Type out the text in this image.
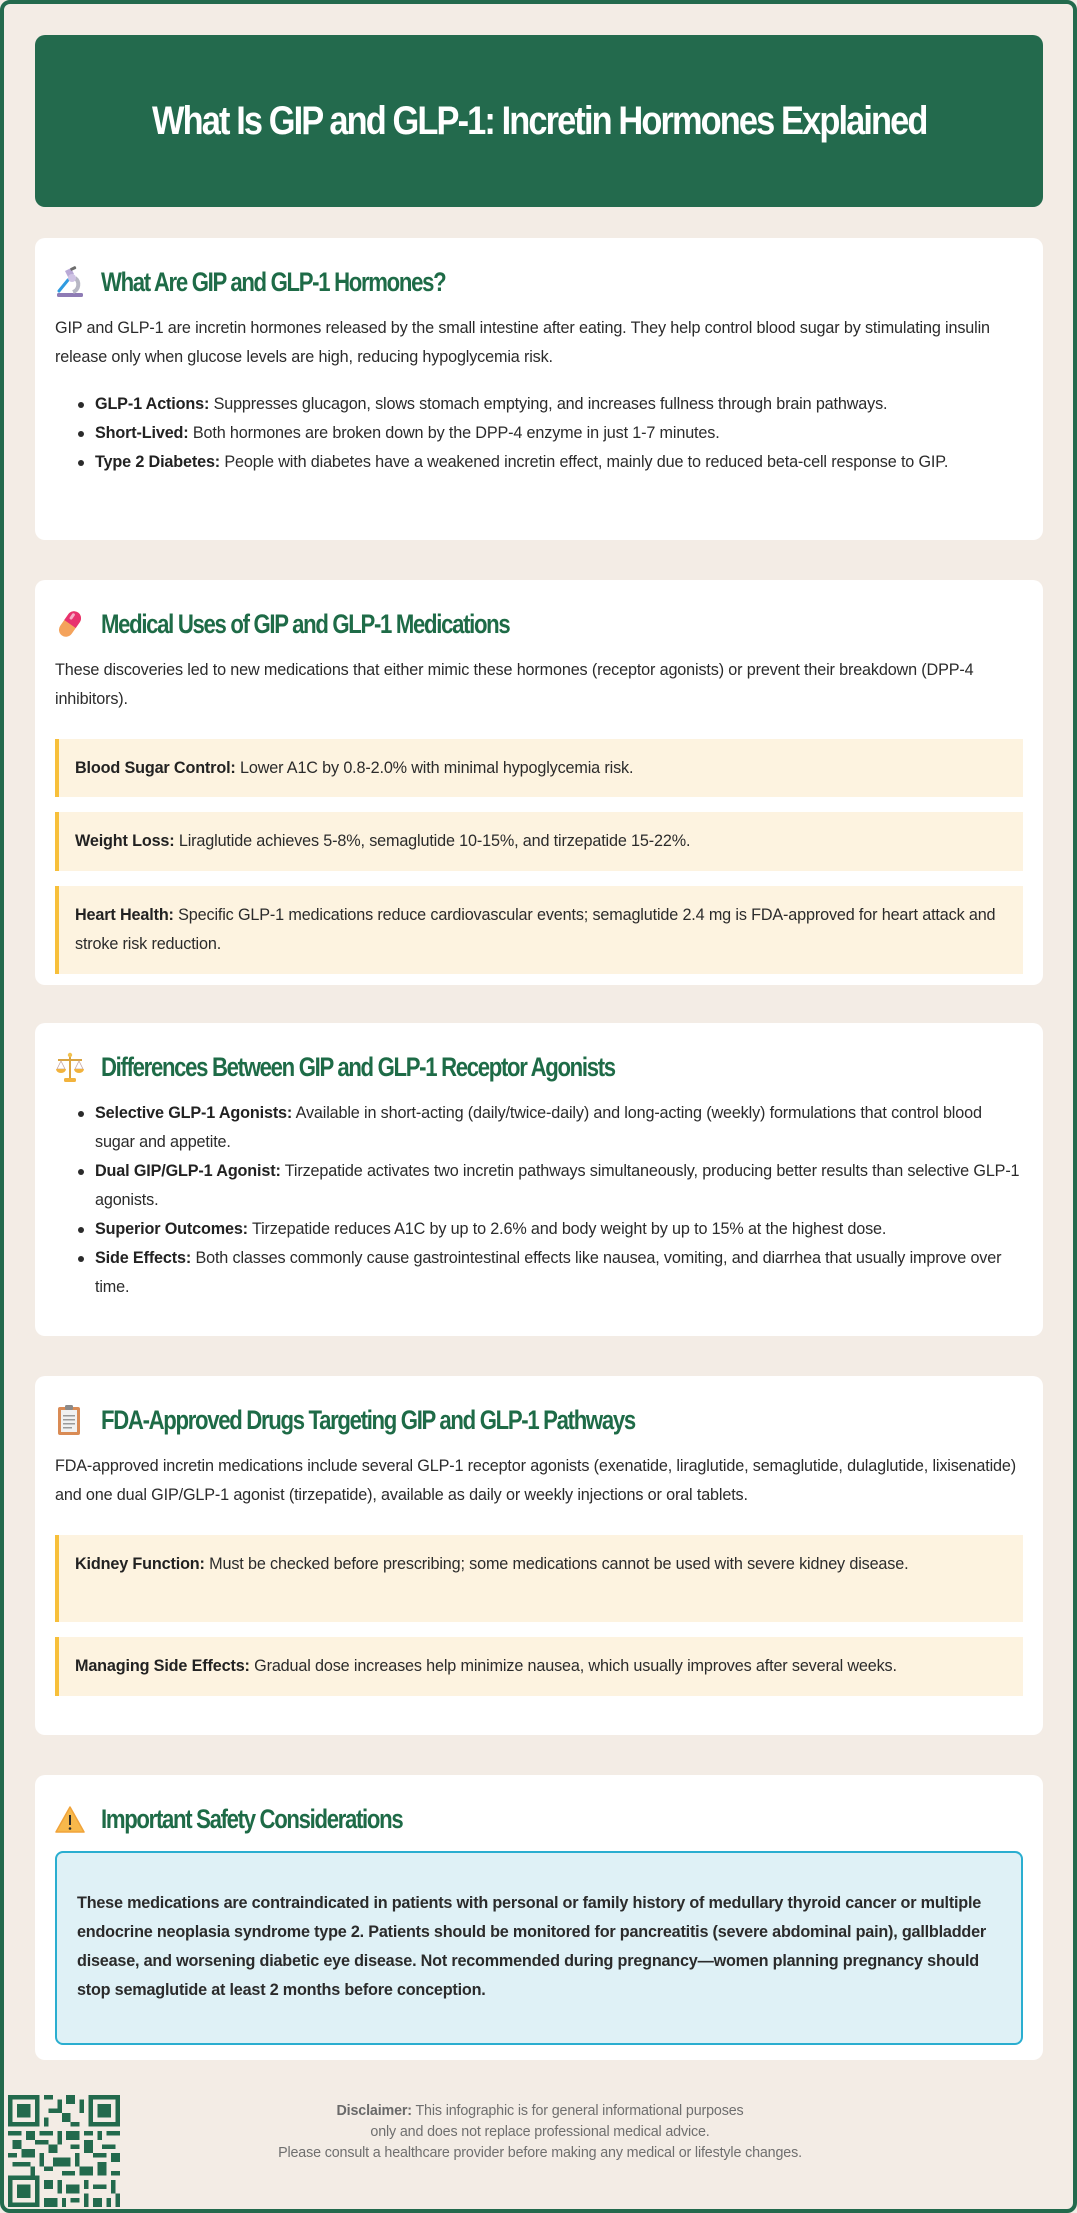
What Is GIP and GLP-1: Incretin Hormones Explained
What Are GIP and GLP-1 Hormones?

GIP and GLP-1 are incretin hormones released by the small intestine after eating. They help control blood sugar by stimulating insulin release only when glucose levels are high, reducing hypoglycemia risk.

GLP-1 Actions: Suppresses glucagon, slows stomach emptying, and increases fullness through brain pathways.
Short-Lived: Both hormones are broken down by the DPP-4 enzyme in just 1-7 minutes.
Type 2 Diabetes: People with diabetes have a weakened incretin effect, mainly due to reduced beta-cell response to GIP.
Medical Uses of GIP and GLP-1 Medications

These discoveries led to new medications that either mimic these hormones (receptor agonists) or prevent their breakdown (DPP-4 inhibitors).

Blood Sugar Control: Lower A1C by 0.8-2.0% with minimal hypoglycemia risk.
Weight Loss: Liraglutide achieves 5-8%, semaglutide 10-15%, and tirzepatide 15-22%.
Heart Health: Specific GLP-1 medications reduce cardiovascular events; semaglutide 2.4 mg is FDA-approved for heart attack and stroke risk reduction.
Differences Between GIP and GLP-1 Receptor Agonists
Selective GLP-1 Agonists: Available in short-acting (daily/twice-daily) and long-acting (weekly) formulations that control blood sugar and appetite.
Dual GIP/GLP-1 Agonist: Tirzepatide activates two incretin pathways simultaneously, producing better results than selective GLP-1 agonists.
Superior Outcomes: Tirzepatide reduces A1C by up to 2.6% and body weight by up to 15% at the highest dose.
Side Effects: Both classes commonly cause gastrointestinal effects like nausea, vomiting, and diarrhea that usually improve over time.
FDA-Approved Drugs Targeting GIP and GLP-1 Pathways

FDA-approved incretin medications include several GLP-1 receptor agonists (exenatide, liraglutide, semaglutide, dulaglutide, lixisenatide) and one dual GIP/GLP-1 agonist (tirzepatide), available as daily or weekly injections or oral tablets.

Kidney Function: Must be checked before prescribing; some medications cannot be used with severe kidney disease.
Managing Side Effects: Gradual dose increases help minimize nausea, which usually improves after several weeks.
Important Safety Considerations
These medications are contraindicated in patients with personal or family history of medullary thyroid cancer or multiple endocrine neoplasia syndrome type 2. Patients should be monitored for pancreatitis (severe abdominal pain), gallbladder disease, and worsening diabetic eye disease. Not recommended during pregnancy—women planning pregnancy should stop semaglutide at least 2 months before conception.
Disclaimer: This infographic is for general informational purposes
only and does not replace professional medical advice.
Please consult a healthcare provider before making any medical or lifestyle changes.
